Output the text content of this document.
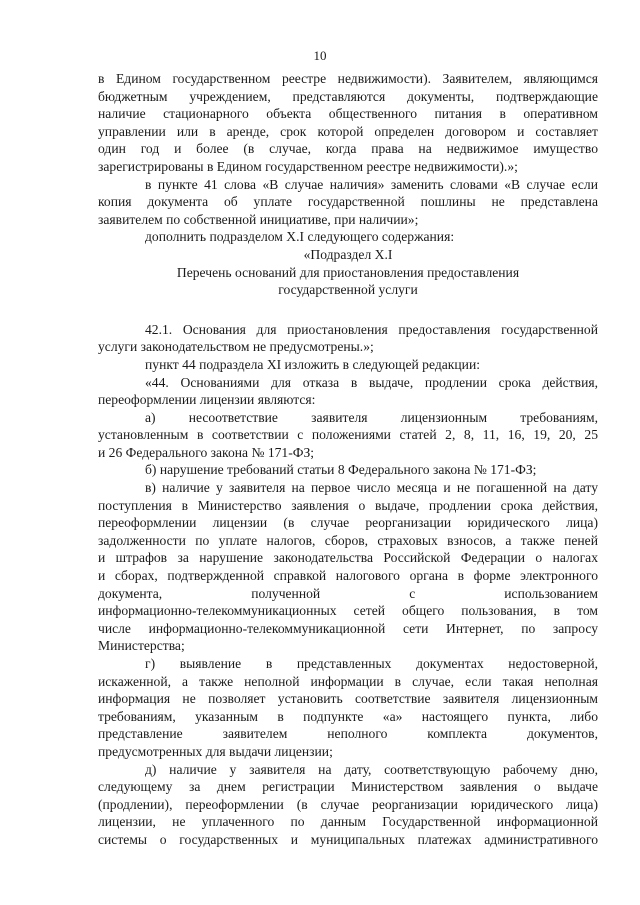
10
в Едином государственном реестре недвижимости). Заявителем, являющимся
бюджетным учреждением, представляются документы, подтверждающие
наличие стационарного объекта общественного питания в оперативном
управлении или в аренде, срок которой определен договором и составляет
один год и более (в случае, когда права на недвижимое имущество
зарегистрированы в Едином государственном реестре недвижимости).»;
в пункте 41 слова «В случае наличия» заменить словами «В случае если
копия документа об уплате государственной пошлины не представлена
заявителем по собственной инициативе, при наличии»;
дополнить подразделом X.I следующего содержания:
«Подраздел X.I
Перечень оснований для приостановления предоставления
государственной услуги
42.1. Основания для приостановления предоставления государственной
услуги законодательством не предусмотрены.»;
пункт 44 подраздела XI изложить в следующей редакции:
«44. Основаниями для отказа в выдаче, продлении срока действия,
переоформлении лицензии являются:
а) несоответствие заявителя лицензионным требованиям,
установленным в соответствии с положениями статей 2, 8, 11, 16, 19, 20, 25
и 26 Федерального закона № 171-ФЗ;
б) нарушение требований статьи 8 Федерального закона № 171-ФЗ;
в) наличие у заявителя на первое число месяца и не погашенной на дату
поступления в Министерство заявления о выдаче, продлении срока действия,
переоформлении лицензии (в случае реорганизации юридического лица)
задолженности по уплате налогов, сборов, страховых взносов, а также пеней
и штрафов за нарушение законодательства Российской Федерации о налогах
и сборах, подтвержденной справкой налогового органа в форме электронного
документа, полученной с использованием
информационно-телекоммуникационных сетей общего пользования, в том
числе информационно-телекоммуникационной сети Интернет, по запросу
Министерства;
г) выявление в представленных документах недостоверной,
искаженной, а также неполной информации в случае, если такая неполная
информация не позволяет установить соответствие заявителя лицензионным
требованиям, указанным в подпункте «а» настоящего пункта, либо
представление заявителем неполного комплекта документов,
предусмотренных для выдачи лицензии;
д) наличие у заявителя на дату, соответствующую рабочему дню,
следующему за днем регистрации Министерством заявления о выдаче
(продлении), переоформлении (в случае реорганизации юридического лица)
лицензии, не уплаченного по данным Государственной информационной
системы о государственных и муниципальных платежах административного
